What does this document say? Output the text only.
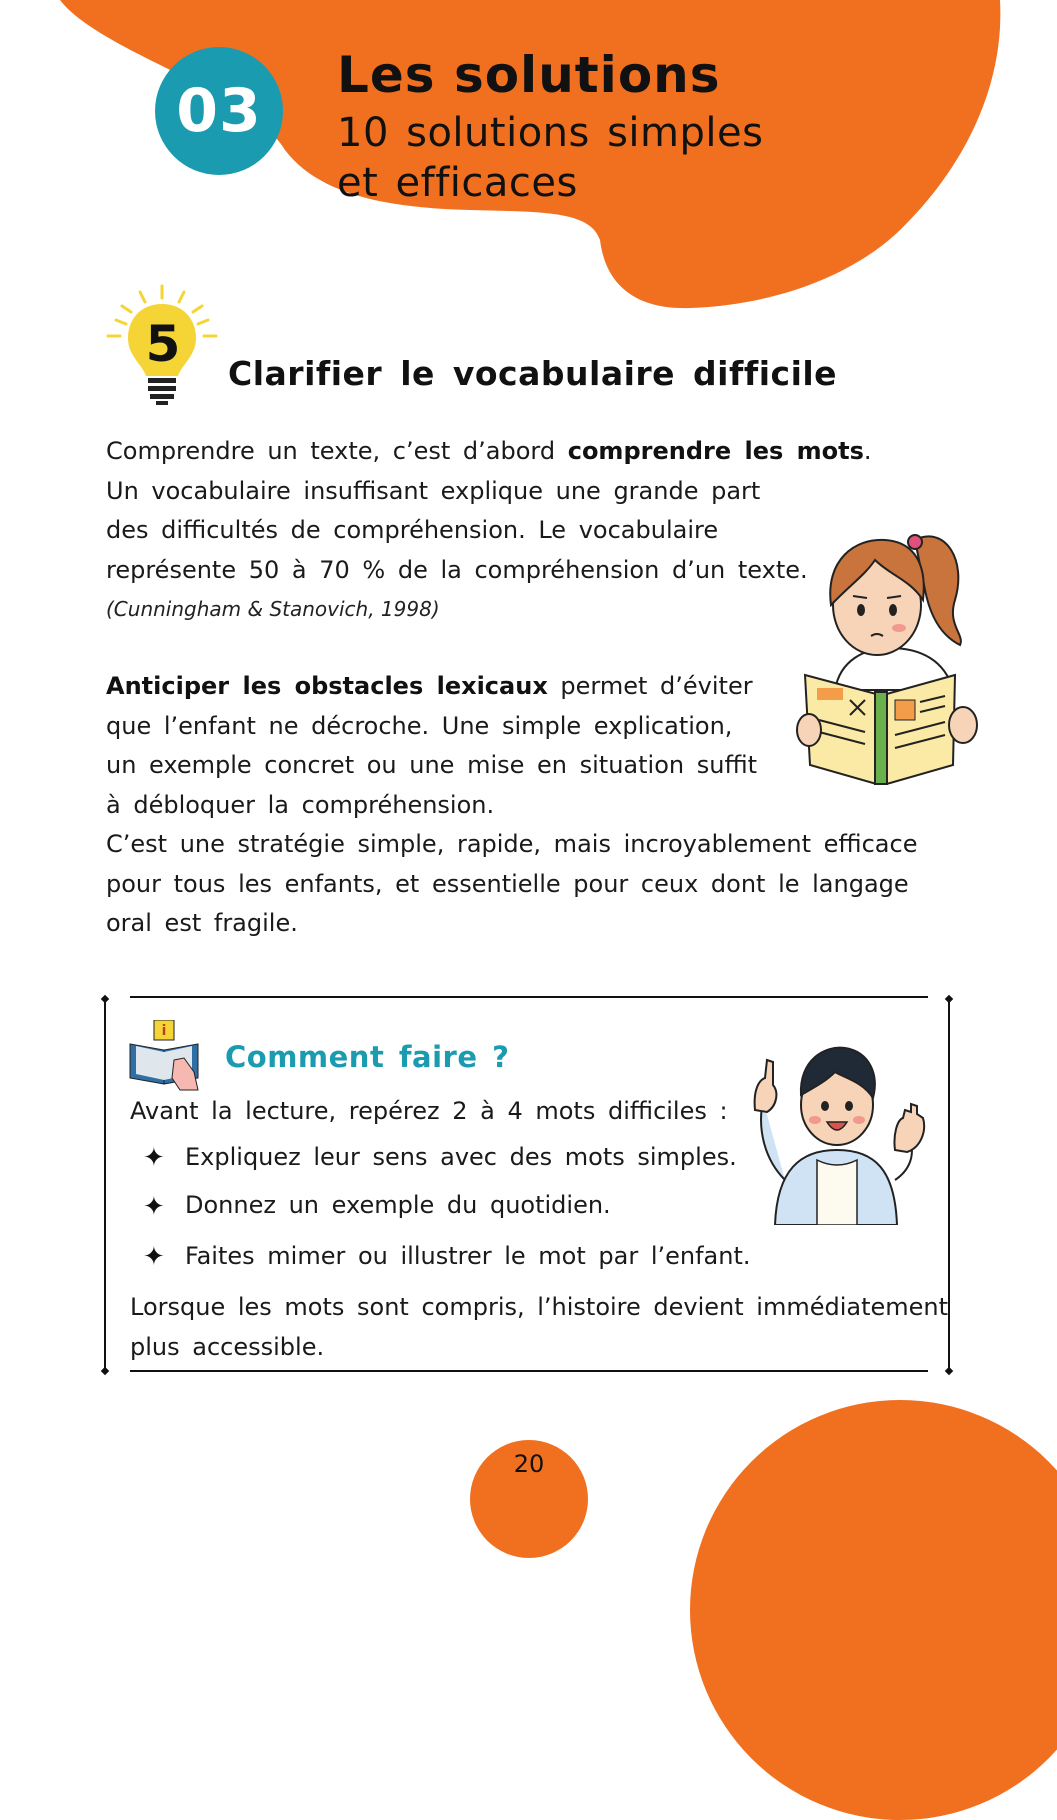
03
Les solutions
10 solutions simples
et efficaces
5
Clarifier le vocabulaire difficile
Comprendre un texte, c’est d’abord comprendre les mots.
Un vocabulaire insuffisant explique une grande part
des difficultés de compréhension. Le vocabulaire
représente 50 à 70 % de la compréhension d’un texte.
(Cunningham & Stanovich, 1998)
Anticiper les obstacles lexicaux permet d’éviter
que l’enfant ne décroche. Une simple explication,
un exemple concret ou une mise en situation suffit
à débloquer la compréhension.
C’est une stratégie simple, rapide, mais incroyablement efficace
pour tous les enfants, et essentielle pour ceux dont le langage
oral est fragile.
i
Comment faire ?
Avant la lecture, repérez 2 à 4 mots difficiles :
✦ Expliquez leur sens avec des mots simples.
✦ Donnez un exemple du quotidien.
✦ Faites mimer ou illustrer le mot par l’enfant.
Lorsque les mots sont compris, l’histoire devient immédiatement
plus accessible.
20
